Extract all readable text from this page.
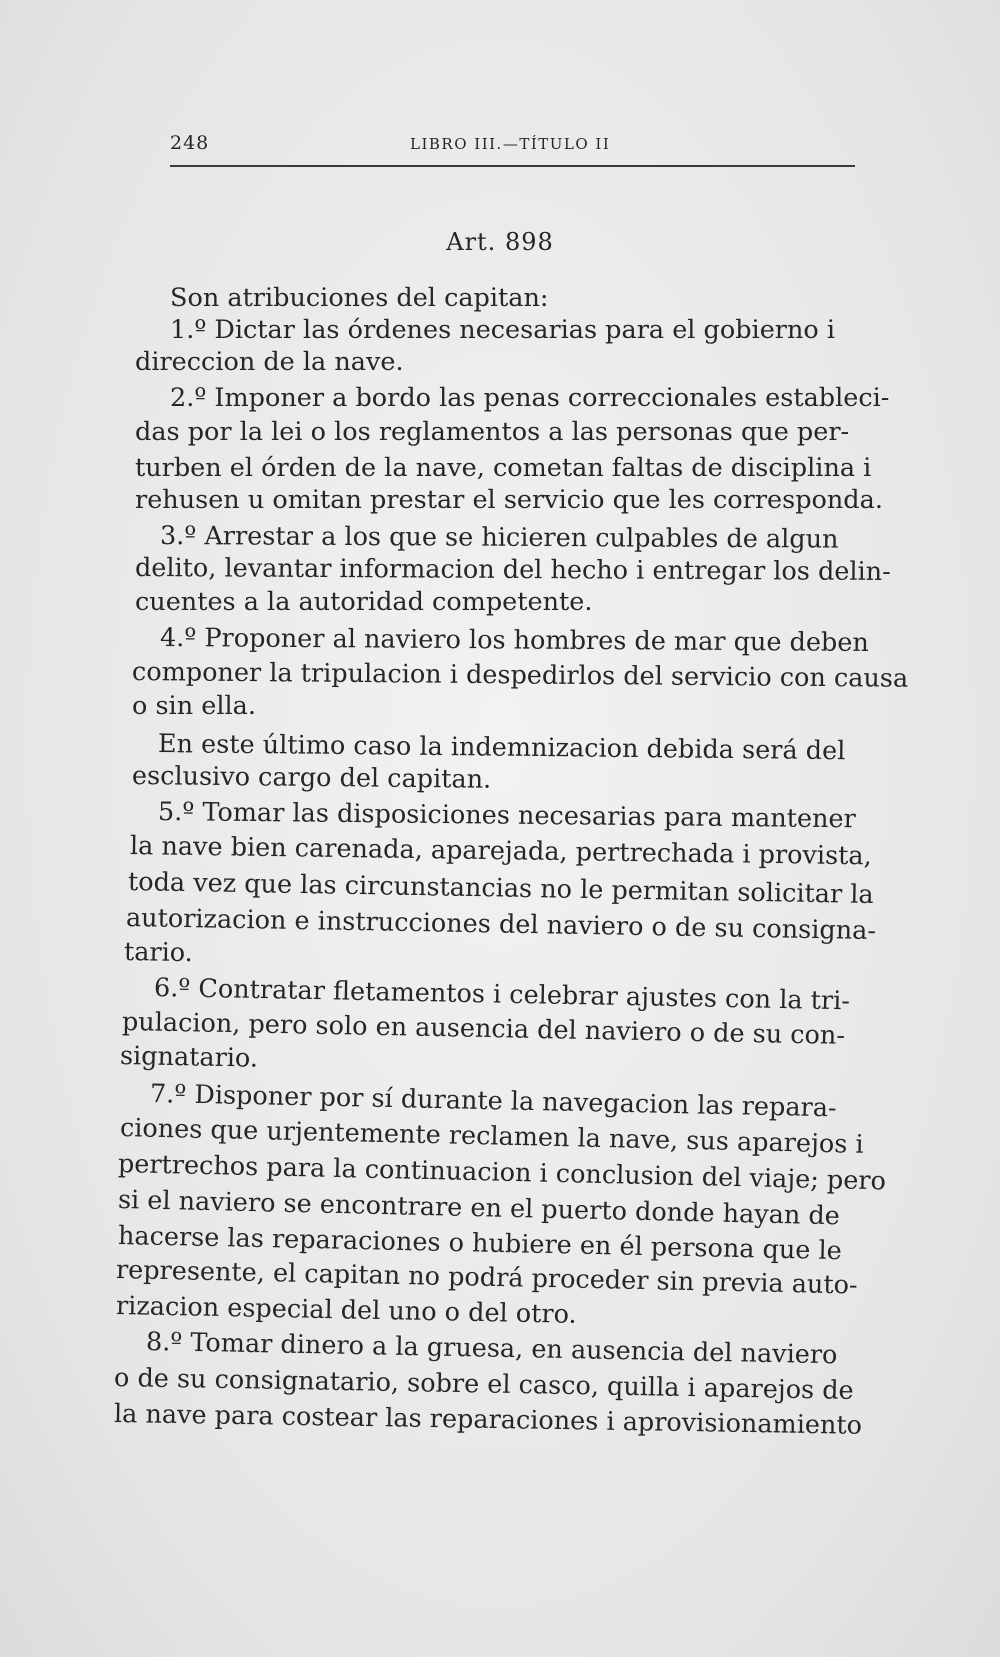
248	LIBRO III.—TÍTULO II
Art. 898
Son atribuciones del capitan:
1.º Dictar las órdenes necesarias para el gobierno i
direccion de la nave.
2.º Imponer a bordo las penas correccionales estableci-
das por la lei o los reglamentos a las personas que per-
turben el órden de la nave, cometan faltas de disciplina i
rehusen u omitan prestar el servicio que les corresponda.
3.º Arrestar a los que se hicieren culpables de algun
delito, levantar informacion del hecho i entregar los delin-
cuentes a la autoridad competente.
4.º Proponer al naviero los hombres de mar que deben
componer la tripulacion i despedirlos del servicio con causa
o sin ella.
En este último caso la indemnizacion debida será del
esclusivo cargo del capitan.
5.º Tomar las disposiciones necesarias para mantener
la nave bien carenada, aparejada, pertrechada i provista,
toda vez que las circunstancias no le permitan solicitar la
autorizacion e instrucciones del naviero o de su consigna-
tario.
6.º Contratar fletamentos i celebrar ajustes con la tri-
pulacion, pero solo en ausencia del naviero o de su con-
signatario.
7.º Disponer por sí durante la navegacion las repara-
ciones que urjentemente reclamen la nave, sus aparejos i
pertrechos para la continuacion i conclusion del viaje; pero
si el naviero se encontrare en el puerto donde hayan de
hacerse las reparaciones o hubiere en él persona que le
represente, el capitan no podrá proceder sin previa auto-
rizacion especial del uno o del otro.
8.º Tomar dinero a la gruesa, en ausencia del naviero
o de su consignatario, sobre el casco, quilla i aparejos de
la nave para costear las reparaciones i aprovisionamiento
